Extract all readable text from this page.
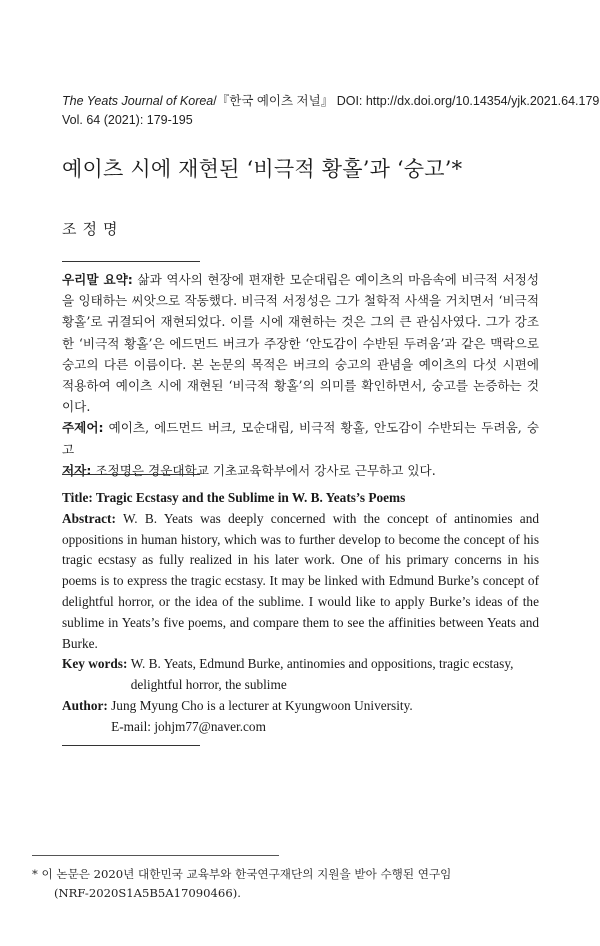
The Yeats Journal of Korea/『한국 예이츠 저널』 DOI: http://dx.doi.org/10.14354/yjk.2021.64.179
Vol. 64 (2021): 179-195
예이츠 시에 재현된 ‘비극적 황홀’과 ‘숭고’*
조정명

우리말 요약: 삶과 역사의 현장에 편재한 모순대립은 예이츠의 마음속에 비극적 서정성을 잉태하는 씨앗으로 작동했다. 비극적 서정성은 그가 철학적 사색을 거치면서 ‘비극적 황홀’로 귀결되어 재현되었다. 이를 시에 재현하는 것은 그의 큰 관심사였다. 그가 강조한 ‘비극적 황홀’은 에드먼드 버크가 주장한 ‘안도감이 수반된 두려움’과 같은 맥락으로 숭고의 다른 이름이다. 본 논문의 목적은 버크의 숭고의 관념을 예이츠의 다섯 시편에 적용하여 예이츠 시에 재현된 ‘비극적 황홀’의 의미를 확인하면서, 숭고를 논증하는 것이다.

주제어: 예이츠, 에드먼드 버크, 모순대립, 비극적 황홀, 안도감이 수반되는 두려움, 숭고

저자: 조정명은 경운대학교 기초교육학부에서 강사로 근무하고 있다.

Title: Tragic Ecstasy and the Sublime in W. B. Yeats’s Poems

Abstract: W. B. Yeats was deeply concerned with the concept of antinomies and oppositions in human history, which was to further develop to become the concept of his tragic ecstasy as fully realized in his later work. One of his primary concerns in his poems is to express the tragic ecstasy. It may be linked with Edmund Burke’s concept of delightful horror, or the idea of the sublime. I would like to apply Burke’s ideas of the sublime in Yeats’s five poems, and compare them to see the affinities between Yeats and Burke.

Key words: W. B. Yeats, Edmund Burke, antinomies and oppositions, tragic ecstasy, delightful horror, the sublime
Author: Jung Myung Cho is a lecturer at Kyungwoon University.
E-mail: johjm77@naver.com
* 이 논문은 2020년 대한민국 교육부와 한국연구재단의 지원을 받아 수행된 연구임
(NRF-2020S1A5B5A17090466).
